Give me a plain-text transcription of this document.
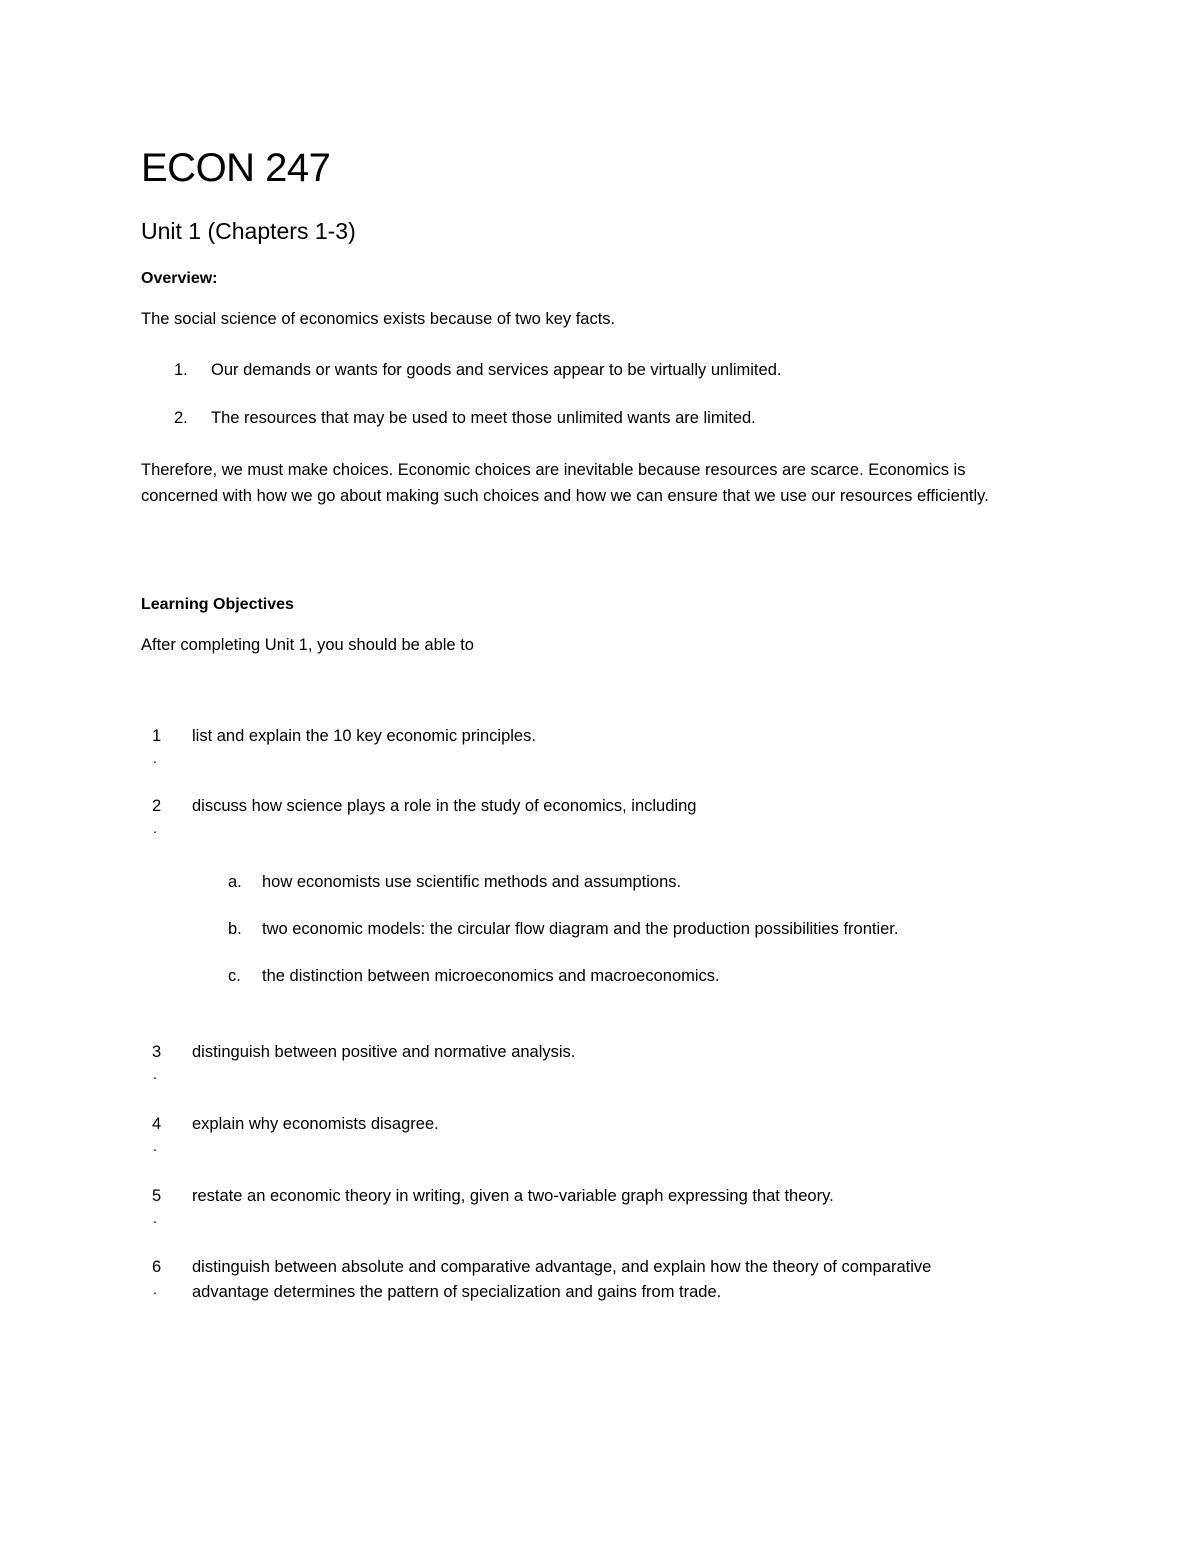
ECON 247
Unit 1 (Chapters 1-3)
Overview:
The social science of economics exists because of two key facts.
1. Our demands or wants for goods and services appear to be virtually unlimited.
2. The resources that may be used to meet those unlimited wants are limited.
Therefore, we must make choices. Economic choices are inevitable because resources are scarce. Economics is concerned with how we go about making such choices and how we can ensure that we use our resources efficiently.
Learning Objectives
After completing Unit 1, you should be able to
1
.
list and explain the 10 key economic principles.
2
.
discuss how science plays a role in the study of economics, including
a. how economists use scientific methods and assumptions.
b. two economic models: the circular flow diagram and the production possibilities frontier.
c. the distinction between microeconomics and macroeconomics.
3
.
distinguish between positive and normative analysis.
4
.
explain why economists disagree.
5
.
restate an economic theory in writing, given a two-variable graph expressing that theory.
6
.
distinguish between absolute and comparative advantage, and explain how the theory of comparative
advantage determines the pattern of specialization and gains from trade.
